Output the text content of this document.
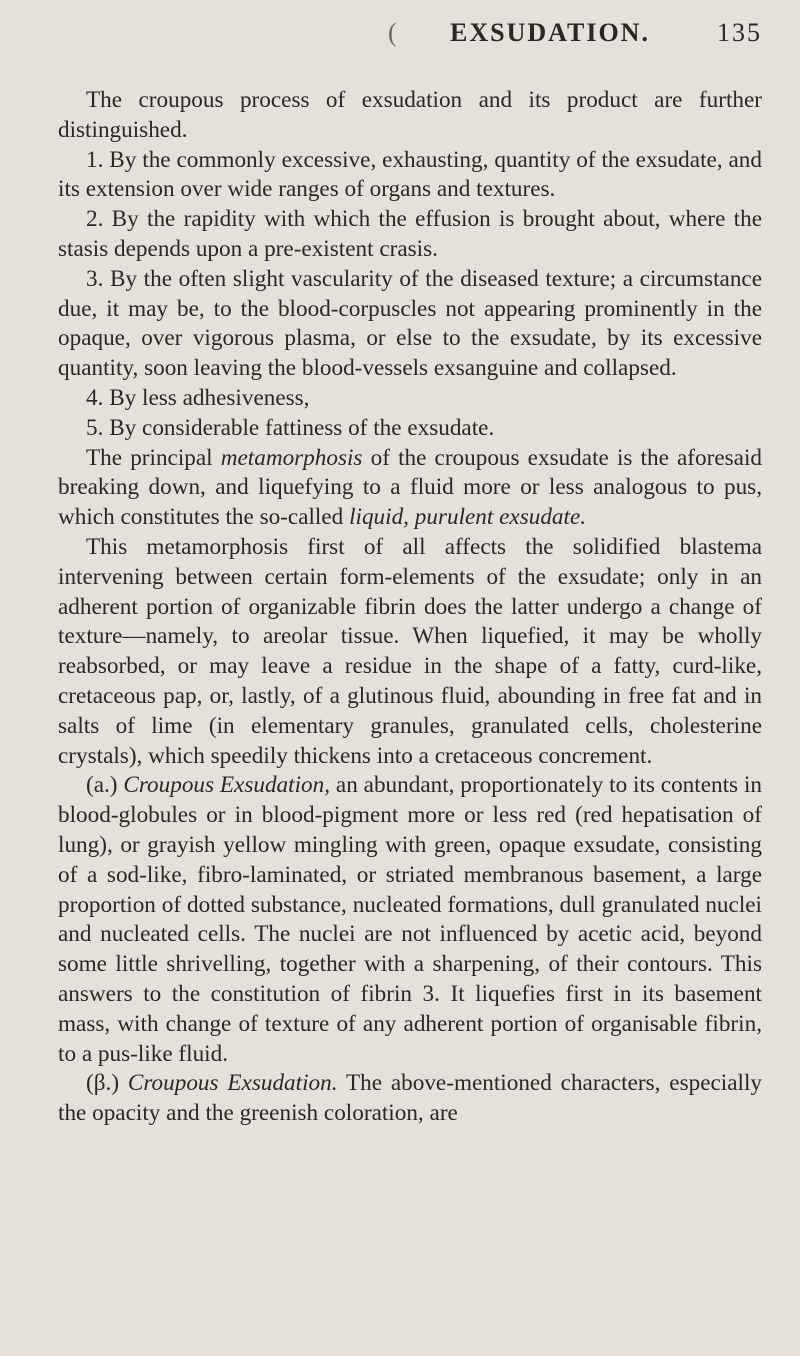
( EXSUDATION.	135

The croupous process of exsudation and its product are further distinguished.

1. By the commonly excessive, exhausting, quantity of the exsudate, and its extension over wide ranges of organs and textures.

2. By the rapidity with which the effusion is brought about, where the stasis depends upon a pre-existent crasis.

3. By the often slight vascularity of the diseased texture; a circumstance due, it may be, to the blood-corpuscles not appearing prominently in the opaque, over vigorous plasma, or else to the exsudate, by its excessive quantity, soon leaving the blood-vessels exsanguine and collapsed.

4. By less adhesiveness,

5. By considerable fattiness of the exsudate.

The principal metamorphosis of the croupous exsudate is the aforesaid breaking down, and liquefying to a fluid more or less analogous to pus, which constitutes the so-called liquid, purulent exsudate.

This metamorphosis first of all affects the solidified blastema intervening between certain form-elements of the exsudate; only in an adherent portion of organizable fibrin does the latter undergo a change of texture—namely, to areolar tissue. When liquefied, it may be wholly reabsorbed, or may leave a residue in the shape of a fatty, curd-like, cretaceous pap, or, lastly, of a glutinous fluid, abounding in free fat and in salts of lime (in elementary granules, granulated cells, cholesterine crystals), which speedily thickens into a cretaceous concrement.

(a.) Croupous Exsudation, an abundant, proportionately to its contents in blood-globules or in blood-pigment more or less red (red hepatisation of lung), or grayish yellow mingling with green, opaque exsudate, consisting of a sod-like, fibro-laminated, or striated membranous basement, a large proportion of dotted substance, nucleated formations, dull granulated nuclei and nucleated cells. The nuclei are not influenced by acetic acid, beyond some little shrivelling, together with a sharpening, of their contours. This answers to the constitution of fibrin 3. It liquefies first in its basement mass, with change of texture of any adherent portion of organisable fibrin, to a pus-like fluid.

(β.) Croupous Exsudation. The above-mentioned characters, especially the opacity and the greenish coloration, are
